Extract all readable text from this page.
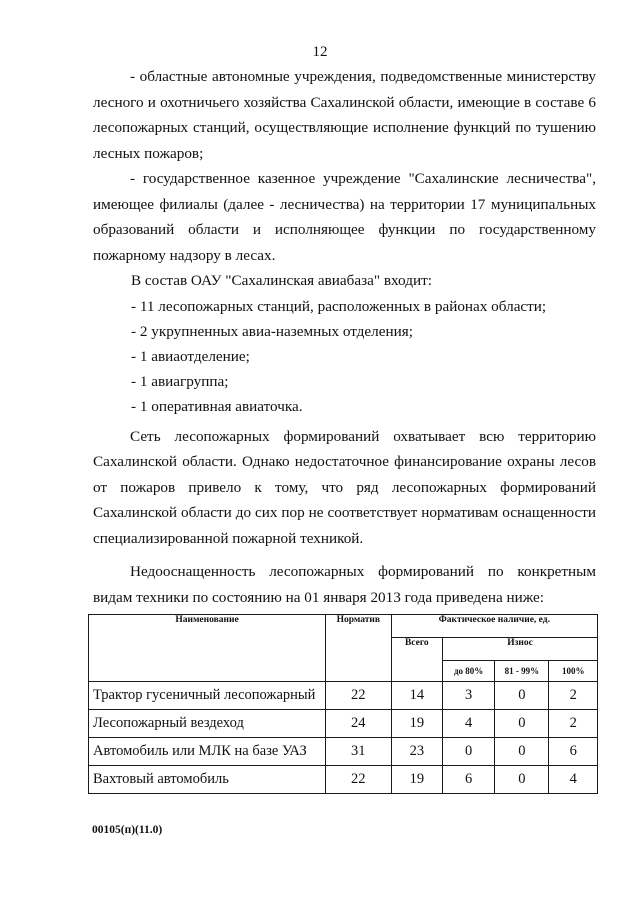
12

- областные автономные учреждения, подведомственные министерству лесного и охотничьего хозяйства Сахалинской области, имеющие в составе 6 лесопожарных станций, осуществляющие исполнение функций по тушению лесных пожаров;

- государственное казенное учреждение "Сахалинские лесничества", имеющее филиалы (далее - лесничества) на территории 17 муниципальных образований области и исполняющее функции по государственному пожарному надзору в лесах.

В состав ОАУ "Сахалинская авиабаза" входит:

- 11 лесопожарных станций, расположенных в районах области;

- 2 укрупненных авиа-наземных отделения;

- 1 авиаотделение;

- 1 авиагруппа;

- 1 оперативная авиаточка.

Сеть лесопожарных формирований охватывает всю территорию Сахалинской области. Однако недостаточное финансирование охраны лесов от пожаров привело к тому, что ряд лесопожарных формирований Сахалинской области до сих пор не соответствует нормативам оснащенности специализированной пожарной техникой.

Недооснащенность лесопожарных формирований по конкретным видам техники по состоянию на 01 января 2013 года приведена ниже:

Наименование	Норматив	Фактическое наличие, ед.			
		Всего	Износ		
			до 80%	81 - 99%	100%
Трактор гусеничный лесопожарный	22	14	3	0	2
Лесопожарный вездеход	24	19	4	0	2
Автомобиль или МЛК на базе УАЗ	31	23	0	0	6
Вахтовый автомобиль	22	19	6	0	4
00105(п)(11.0)
